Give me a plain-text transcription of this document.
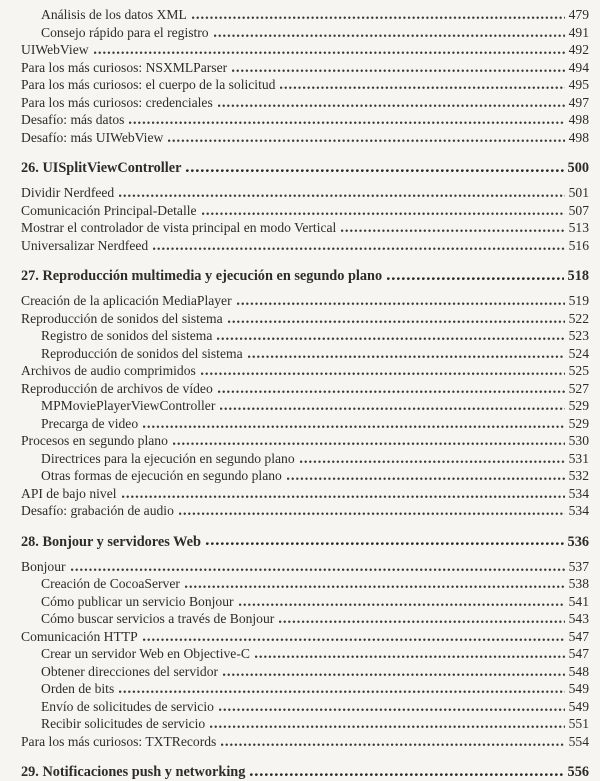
Análisis de los datos XML	479
Consejo rápido para el registro	491
UIWebView	492
Para los más curiosos: NSXMLParser	494
Para los más curiosos: el cuerpo de la solicitud	495
Para los más curiosos: credenciales	497
Desafío: más datos	498
Desafío: más UIWebView	498
26. UISplitViewController	500
Dividir Nerdfeed	501
Comunicación Principal-Detalle	507
Mostrar el controlador de vista principal en modo Vertical	513
Universalizar Nerdfeed	516
27. Reproducción multimedia y ejecución en segundo plano	518
Creación de la aplicación MediaPlayer	519
Reproducción de sonidos del sistema	522
Registro de sonidos del sistema	523
Reproducción de sonidos del sistema	524
Archivos de audio comprimidos	525
Reproducción de archivos de vídeo	527
MPMoviePlayerViewController	529
Precarga de video	529
Procesos en segundo plano	530
Directrices para la ejecución en segundo plano	531
Otras formas de ejecución en segundo plano	532
API de bajo nivel	534
Desafío: grabación de audio	534
28. Bonjour y servidores Web	536
Bonjour	537
Creación de CocoaServer	538
Cómo publicar un servicio Bonjour	541
Cómo buscar servicios a través de Bonjour	543
Comunicación HTTP	547
Crear un servidor Web en Objective-C	547
Obtener direcciones del servidor	548
Orden de bits	549
Envío de solicitudes de servicio	549
Recibir solicitudes de servicio	551
Para los más curiosos: TXTRecords	554
29. Notificaciones push y networking	556
